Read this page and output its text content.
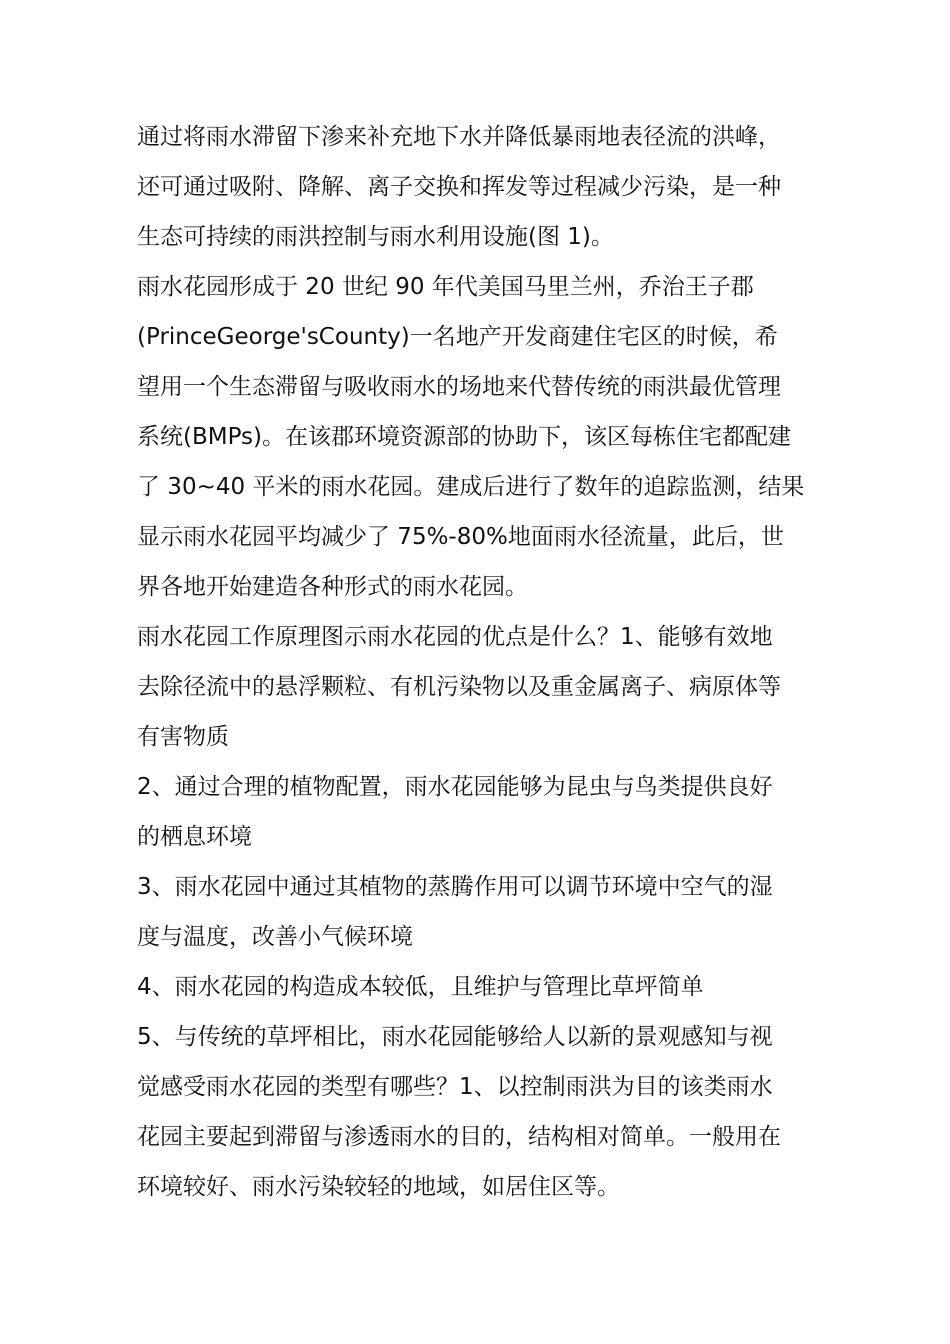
通过将雨水滞留下渗来补充地下水并降低暴雨地表径流的洪峰，
还可通过吸附、降解、离子交换和挥发等过程减少污染，是一种
生态可持续的雨洪控制与雨水利用设施(图 1)。
雨水花园形成于 20 世纪 90 年代美国马里兰州，乔治王子郡
(PrinceGeorge'sCounty)一名地产开发商建住宅区的时候，希
望用一个生态滞留与吸收雨水的场地来代替传统的雨洪最优管理
系统(BMPs)。在该郡环境资源部的协助下，该区每栋住宅都配建
了 30~40 平米的雨水花园。建成后进行了数年的追踪监测，结果
显示雨水花园平均减少了 75%-80%地面雨水径流量，此后，世
界各地开始建造各种形式的雨水花园。
雨水花园工作原理图示雨水花园的优点是什么？1、能够有效地
去除径流中的悬浮颗粒、有机污染物以及重金属离子、病原体等
有害物质
2、通过合理的植物配置，雨水花园能够为昆虫与鸟类提供良好
的栖息环境
3、雨水花园中通过其植物的蒸腾作用可以调节环境中空气的湿
度与温度，改善小气候环境
4、雨水花园的构造成本较低，且维护与管理比草坪简单
5、与传统的草坪相比，雨水花园能够给人以新的景观感知与视
觉感受雨水花园的类型有哪些？1、以控制雨洪为目的该类雨水
花园主要起到滞留与渗透雨水的目的，结构相对简单。一般用在
环境较好、雨水污染较轻的地域，如居住区等。
